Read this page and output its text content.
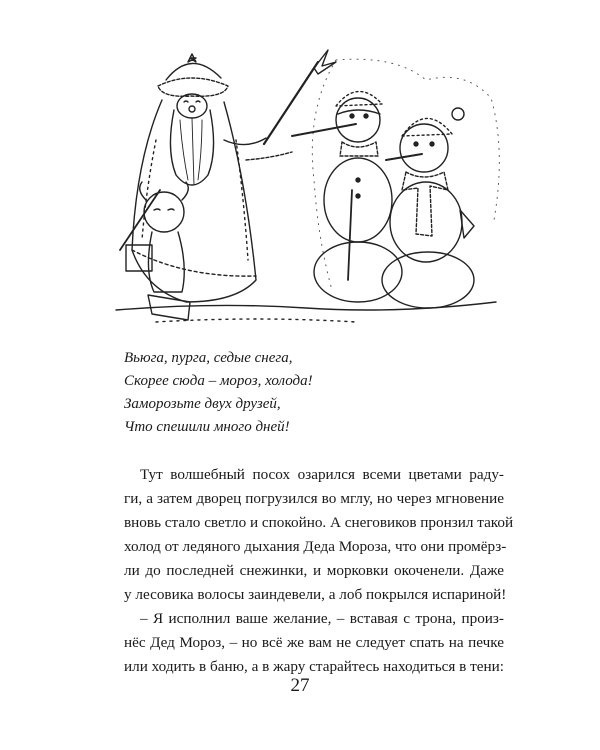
Вьюга, пурга, седые снега,
Скорее сюда – мороз, холода!
Заморозьте двух друзей,
Что спешили много дней!
Тут волшебный посох озарился всеми цветами раду-
ги, а затем дворец погрузился во мглу, но через мгновение
вновь стало светло и спокойно. А снеговиков пронзил такой
холод от ледяного дыхания Деда Мороза, что они промёрз-
ли до последней снежинки, и морковки окоченели. Даже
у лесовика волосы заиндевели, а лоб покрылся испариной!
– Я исполнил ваше желание, – вставая с трона, произ-
нёс Дед Мороз, – но всё же вам не следует спать на печке
или ходить в баню, а в жару старайтесь находиться в тени:
27
